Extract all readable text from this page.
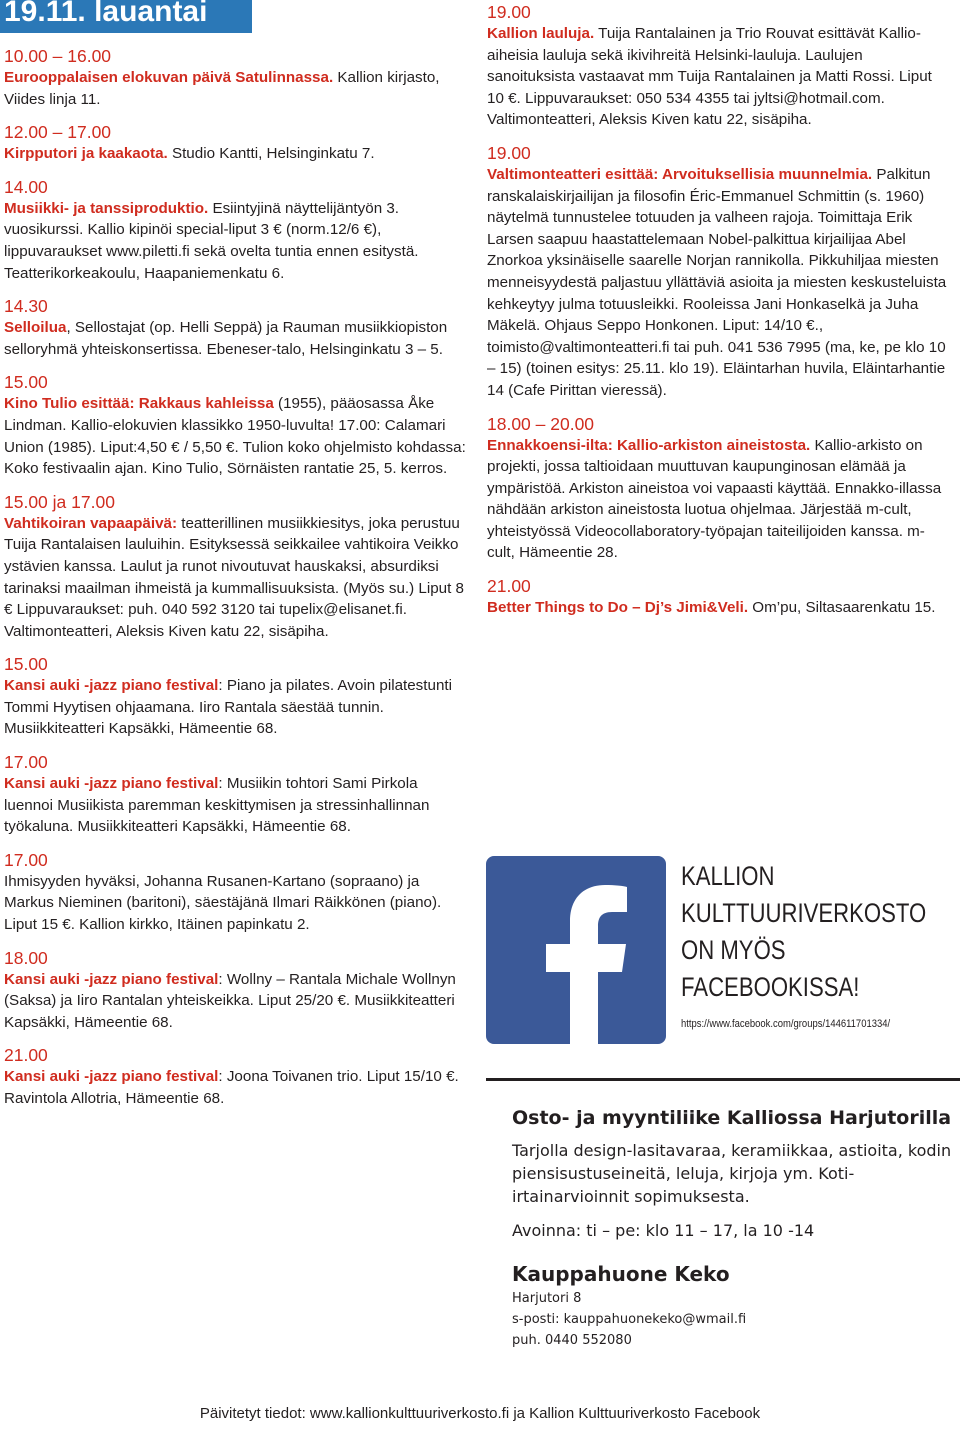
19.11. lauantai
10.00 – 16.00
Eurooppalaisen elokuvan päivä Satulinnassa. Kallion kirjasto, Viides linja 11.
12.00 – 17.00
Kirpputori ja kaakaota. Studio Kantti, Helsinginkatu 7.
14.00
Musiikki- ja tanssiproduktio. Esiintyjinä näyttelijäntyön 3. vuosikurssi. Kallio kipinöi special-liput 3 € (norm.12/6 €), lippuvaraukset www.piletti.fi sekä ovelta tuntia ennen esitystä. Teatterikorkeakoulu, Haapaniemenkatu 6.
14.30
Selloilua, Sellostajat (op. Helli Seppä) ja Rauman musiikkiopiston selloryhmä yhteiskonsertissa. Ebeneser-talo, Helsinginkatu 3 – 5.
15.00
Kino Tulio esittää: Rakkaus kahleissa (1955), pääosassa Åke Lindman. Kallio-elokuvien klassikko 1950-luvulta! 17.00: Calamari Union (1985). Liput:4,50 € / 5,50 €. Tulion koko ohjelmisto kohdassa: Koko festivaalin ajan. Kino Tulio, Sörnäisten rantatie 25, 5. kerros.
15.00 ja 17.00
Vahtikoiran vapaapäivä: teatterillinen musiikkiesitys, joka perustuu Tuija Rantalaisen lauluihin. Esityksessä seikkailee vahtikoira Veikko ystävien kanssa. Laulut ja runot nivoutuvat hauskaksi, absurdiksi tarinaksi maailman ihmeistä ja kummallisuuksista. (Myös su.) Liput 8 € Lippuvaraukset: puh. 040 592 3120 tai tupelix@elisanet.fi. Valtimonteatteri, Aleksis Kiven katu 22, sisäpiha.
15.00
Kansi auki -jazz piano festival: Piano ja pilates. Avoin pilatestunti Tommi Hyytisen ohjaamana. Iiro Rantala säestää tunnin. Musiikkiteatteri Kapsäkki, Hämeentie 68.
17.00
Kansi auki -jazz piano festival: Musiikin tohtori Sami Pirkola luennoi Musiikista paremman keskittymisen ja stressinhallinnan työkaluna. Musiikkiteatteri Kapsäkki, Hämeentie 68.
17.00
Ihmisyyden hyväksi, Johanna Rusanen-Kartano (sopraano) ja Markus Nieminen (baritoni), säestäjänä Ilmari Räikkönen (piano). Liput 15 €. Kallion kirkko, Itäinen papinkatu 2.
18.00
Kansi auki -jazz piano festival: Wollny – Rantala Michale Wollnyn (Saksa) ja Iiro Rantalan yhteiskeikka. Liput 25/20 €. Musiikkiteatteri Kapsäkki, Hämeentie 68.
21.00
Kansi auki -jazz piano festival: Joona Toivanen trio. Liput 15/10 €. Ravintola Allotria, Hämeentie 68.
19.00
Kallion lauluja. Tuija Rantalainen ja Trio Rouvat esittävät Kallio-aiheisia lauluja sekä ikivihreitä Helsinki-lauluja. Laulujen sanoituksista vastaavat mm Tuija Rantalainen ja Matti Rossi. Liput 10 €. Lippuvaraukset: 050 534 4355 tai jyltsi@hotmail.com. Valtimonteatteri, Aleksis Kiven katu 22, sisäpiha.
19.00
Valtimonteatteri esittää: Arvoituksellisia muunnelmia. Palkitun ranskalaiskirjailijan ja filosofin Éric-Emmanuel Schmittin (s. 1960) näytelmä tunnustelee totuuden ja valheen rajoja. Toimittaja Erik Larsen saapuu haastattelemaan Nobel-palkittua kirjailijaa Abel Znorkoa yksinäiselle saarelle Norjan rannikolla. Pikkuhiljaa miesten menneisyydestä paljastuu yllättäviä asioita ja miesten keskusteluista kehkeytyy julma totuusleikki. Rooleissa Jani Honkaselkä ja Juha Mäkelä. Ohjaus Seppo Honkonen. Liput: 14/10 €., toimisto@valtimonteatteri.fi tai puh. 041 536 7995 (ma, ke, pe klo 10 – 15) (toinen esitys: 25.11. klo 19). Eläintarhan huvila, Eläintarhantie 14 (Cafe Pirittan vieressä).
18.00 – 20.00
Ennakkoensi-ilta: Kallio-arkiston aineistosta. Kallio-arkisto on projekti, jossa taltioidaan muuttuvan kaupunginosan elämää ja ympäristöä. Arkiston aineistoa voi vapaasti käyttää. Ennakko-illassa nähdään arkiston aineistosta luotua ohjelmaa. Järjestää m-cult, yhteistyössä Videocollaboratory-työpajan taiteilijoiden kanssa. m-cult, Hämeentie 28.
21.00
Better Things to Do – Dj’s Jimi&Veli. Om’pu, Siltasaarenkatu 15.
KALLION
KULTTUURIVERKOSTO
ON MYÖS
FACEBOOKISSA!
https://www.facebook.com/groups/144611701334/
Osto- ja myyntiliike Kalliossa Harjutorilla
Tarjolla design-lasitavaraa, keramiikkaa, astioita, kodin piensisustuseineitä, leluja, kirjoja ym. Koti-irtainarvioinnit sopimuksesta.
Avoinna: ti – pe: klo 11 – 17, la 10 -14
Kauppahuone Keko
Harjutori 8
s-posti: kauppahuonekeko@wmail.fi
puh. 0440 552080
Päivitetyt tiedot: www.kallionkulttuuriverkosto.fi ja Kallion Kulttuuriverkosto Facebook
